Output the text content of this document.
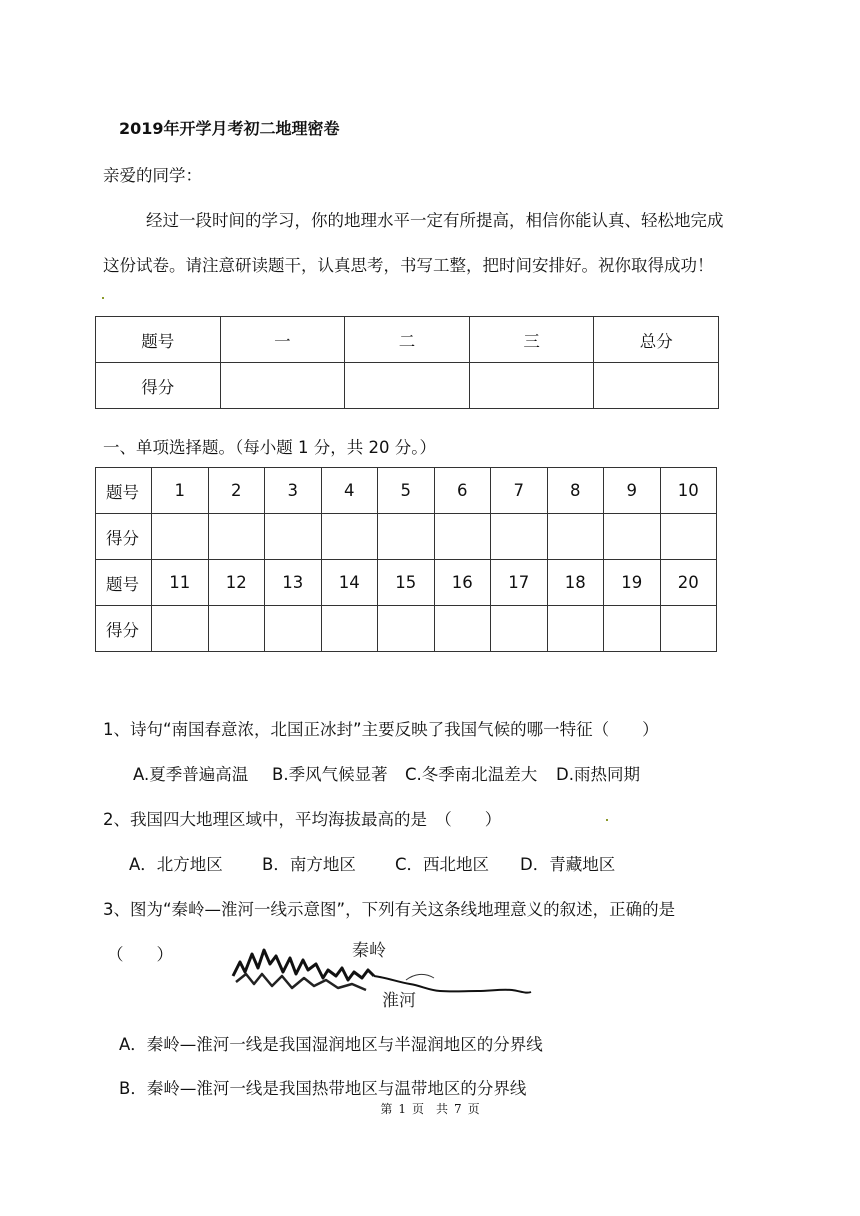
2019年开学月考初二地理密卷
亲爱的同学：
经过一段时间的学习，你的地理水平一定有所提高，相信你能认真、轻松地完成
这份试卷。请注意研读题干，认真思考，书写工整，把时间安排好。祝你取得成功！
题号	一	二	三	总分
得分				
一、单项选择题。（每小题 1 分，共 20 分。）
题号	1	2	3	4	5	6	7	8	9	10
得分										
题号	11	12	13	14	15	16	17	18	19	20
得分										
1、诗句“南国春意浓，北国正冰封”主要反映了我国气候的哪一特征（　　）
A.夏季普遍高温 B.季风气候显著 C.冬季南北温差大 D.雨热同期
2、我国四大地理区域中，平均海拔最高的是　（　　）
A．北方地区 B．南方地区 C．西北地区 D．青藏地区
3、图为“秦岭—淮河一线示意图”，下列有关这条线地理意义的叙述，正确的是
（　　）	秦岭
淮河
A．秦岭—淮河一线是我国湿润地区与半湿润地区的分界线
B．秦岭—淮河一线是我国热带地区与温带地区的分界线
第 1 页　共 7 页
